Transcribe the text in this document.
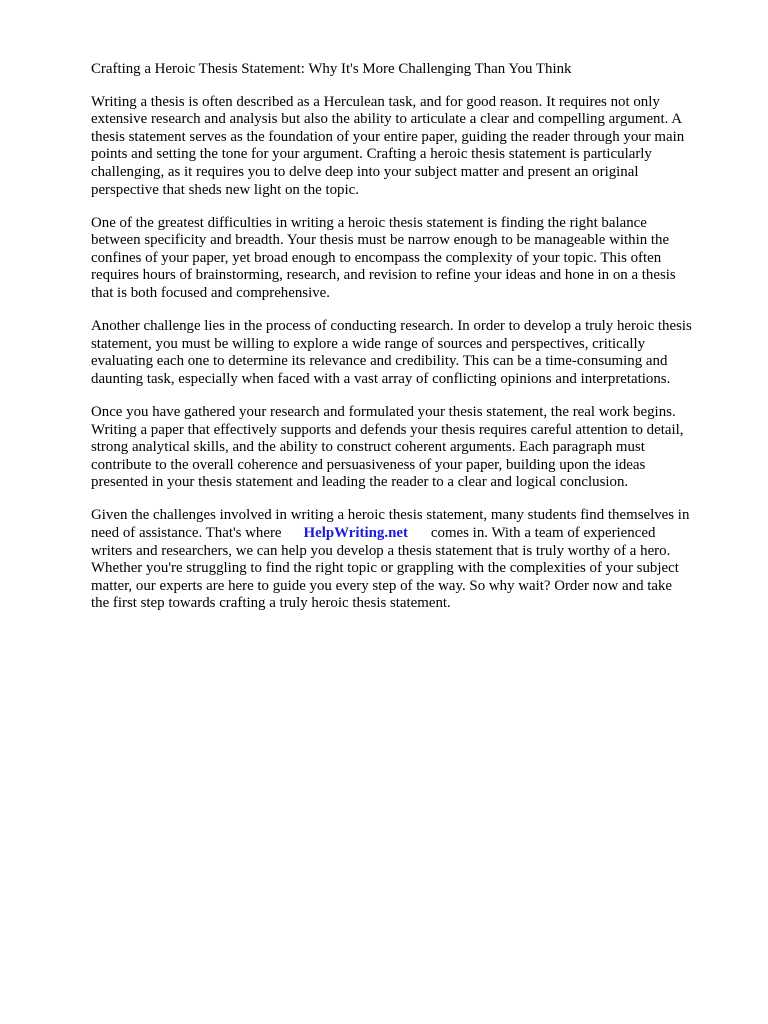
Crafting a Heroic Thesis Statement: Why It's More Challenging Than You Think
Writing a thesis is often described as a Herculean task, and for good reason. It requires not only
extensive research and analysis but also the ability to articulate a clear and compelling argument. A
thesis statement serves as the foundation of your entire paper, guiding the reader through your main
points and setting the tone for your argument. Crafting a heroic thesis statement is particularly
challenging, as it requires you to delve deep into your subject matter and present an original
perspective that sheds new light on the topic.
One of the greatest difficulties in writing a heroic thesis statement is finding the right balance
between specificity and breadth. Your thesis must be narrow enough to be manageable within the
confines of your paper, yet broad enough to encompass the complexity of your topic. This often
requires hours of brainstorming, research, and revision to refine your ideas and hone in on a thesis
that is both focused and comprehensive.
Another challenge lies in the process of conducting research. In order to develop a truly heroic thesis
statement, you must be willing to explore a wide range of sources and perspectives, critically
evaluating each one to determine its relevance and credibility. This can be a time-consuming and
daunting task, especially when faced with a vast array of conflicting opinions and interpretations.
Once you have gathered your research and formulated your thesis statement, the real work begins.
Writing a paper that effectively supports and defends your thesis requires careful attention to detail,
strong analytical skills, and the ability to construct coherent arguments. Each paragraph must
contribute to the overall coherence and persuasiveness of your paper, building upon the ideas
presented in your thesis statement and leading the reader to a clear and logical conclusion.
Given the challenges involved in writing a heroic thesis statement, many students find themselves in
need of assistance. That's where HelpWriting.net comes in. With a team of experienced
writers and researchers, we can help you develop a thesis statement that is truly worthy of a hero.
Whether you're struggling to find the right topic or grappling with the complexities of your subject
matter, our experts are here to guide you every step of the way. So why wait? Order now and take
the first step towards crafting a truly heroic thesis statement.
